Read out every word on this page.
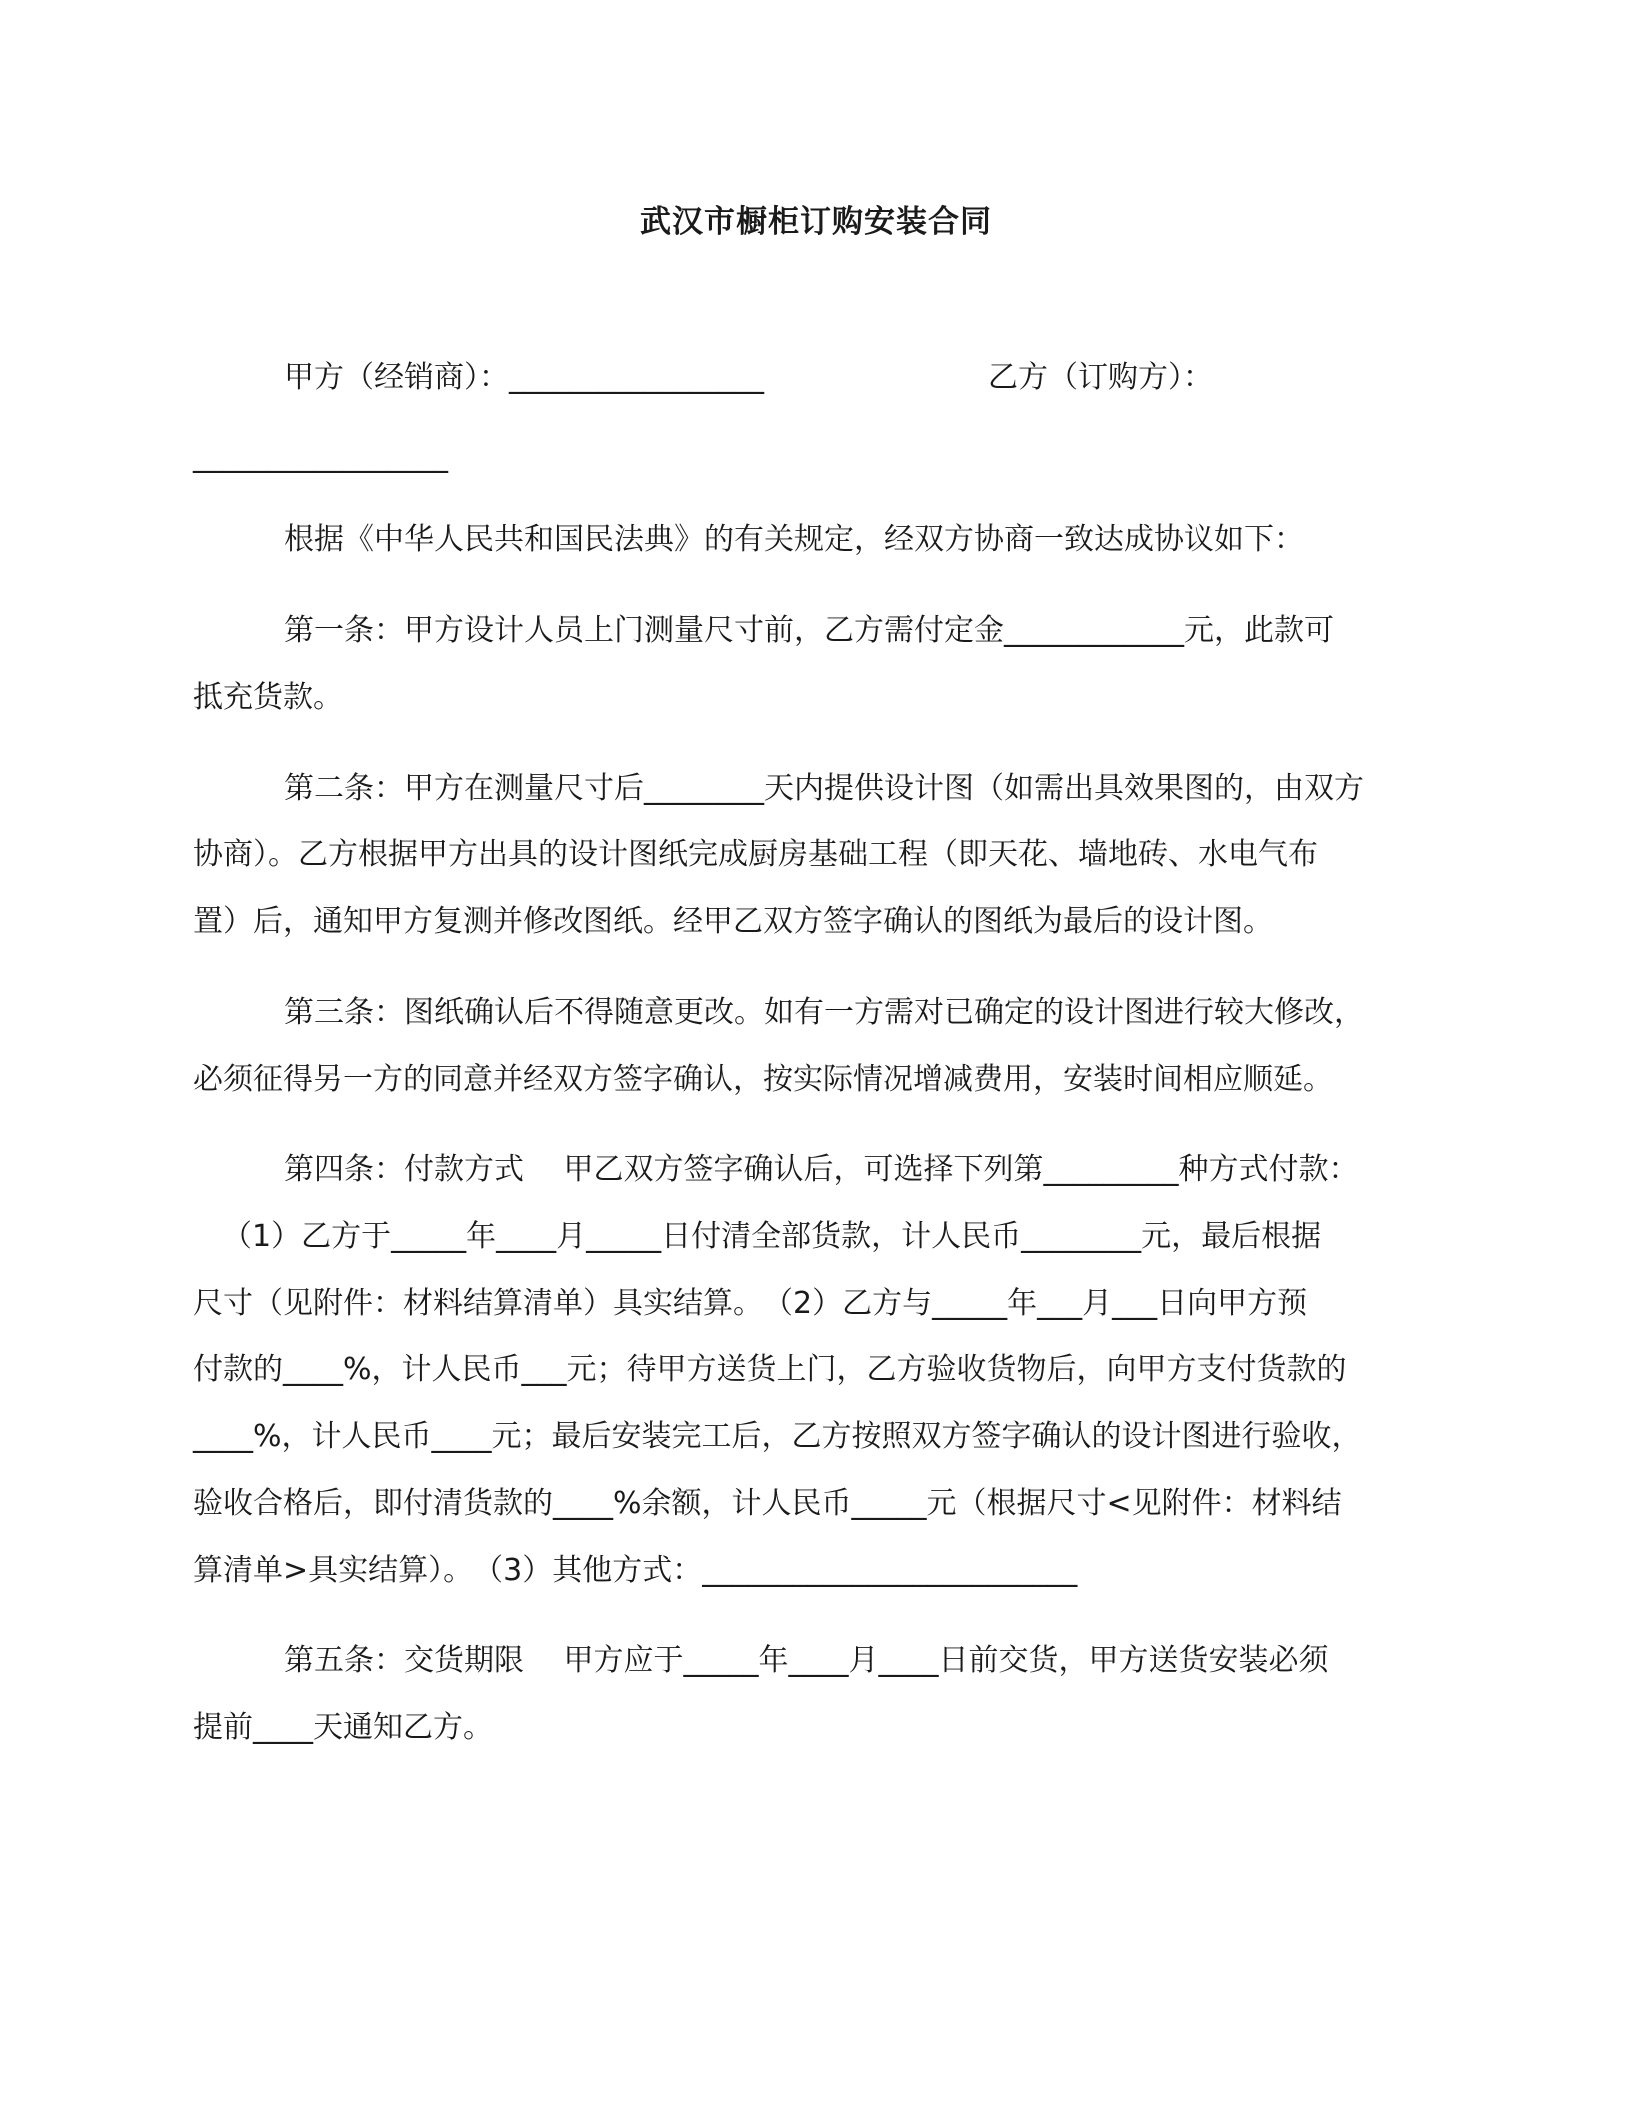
武汉市橱柜订购安装合同
甲方（经销商）：_________________	乙方（订购方）：
_________________
根据《中华人民共和国民法典》的有关规定，经双方协商一致达成协议如下：
第一条：甲方设计人员上门测量尺寸前，乙方需付定金____________元，此款可
抵充货款。
第二条：甲方在测量尺寸后________天内提供设计图（如需出具效果图的，由双方
协商）。乙方根据甲方出具的设计图纸完成厨房基础工程（即天花、墙地砖、水电气布
置）后，通知甲方复测并修改图纸。经甲乙双方签字确认的图纸为最后的设计图。
第三条：图纸确认后不得随意更改。如有一方需对已确定的设计图进行较大修改，
必须征得另一方的同意并经双方签字确认，按实际情况增减费用，安装时间相应顺延。
第四条：付款方式　 甲乙双方签字确认后，可选择下列第_________种方式付款：
（1）乙方于_____年____月_____日付清全部货款，计人民币________元，最后根据
尺寸（见附件：材料结算清单）具实结算。　（2）乙方与_____年___月___日向甲方预
付款的____%，计人民币___元；待甲方送货上门，乙方验收货物后，向甲方支付货款的
____%，计人民币____元；最后安装完工后，乙方按照双方签字确认的设计图进行验收，
验收合格后，即付清货款的____%余额，计人民币_____元（根据尺寸<见附件：材料结
算清单>具实结算）。　（3）其他方式：_________________________
第五条：交货期限　 甲方应于_____年____月____日前交货，甲方送货安装必须
提前____天通知乙方。
